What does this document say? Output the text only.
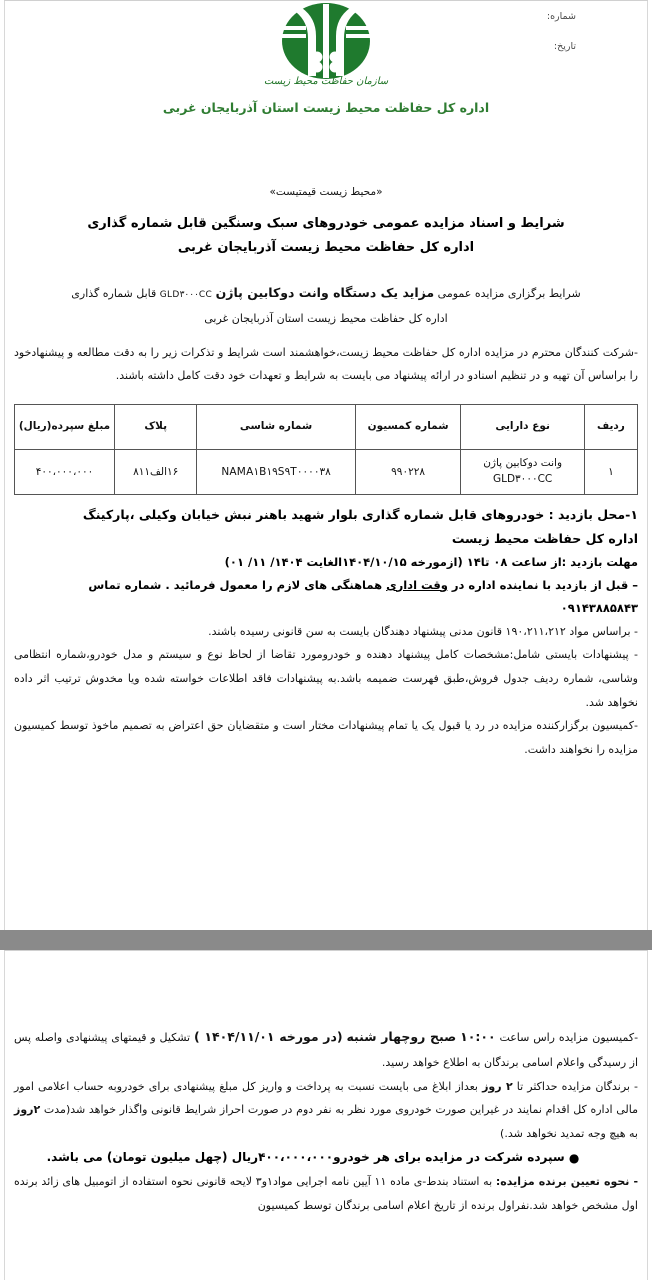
شماره:
تاریخ:
سازمان حفاظت محیط زیست
اداره کل حفاظت محیط زیست استان آذربایجان غربی
«محیط زیست قیمتیست»
شرایط و اسناد مزایده عمومی خودروهای سبک وسنگین قابل شماره گذاری
اداره کل حفاظت محیط زیست آذربایجان غربی

شرایط برگزاری مزایده عمومی مزاید یک دستگاه وانت دوکابین پاژن GLD۳۰۰۰CC قابل شماره گذاری

اداره کل حفاظت محیط زیست استان آذربایجان غربی

-شرکت کنندگان محترم در مزایده اداره کل حفاظت محیط زیست،خواهشمند است شرایط و تذکرات زیر را به دقت مطالعه و پیشنهادخود را براساس آن تهیه و در تنظیم اسنادو در ارائه پیشنهاد می بایست به شرایط و تعهدات خود دقت کامل داشته باشند.

ردیف	نوع دارایی	شماره کمسیون	شماره شاسی	پلاک	مبلغ سپرده(ریال)
۱	وانت دوکابین پاژن
GLD۳۰۰۰CC	۹۹۰۲۲۸	NAMA۱B۱۹S۹T۰۰۰۰۳۸	۱۶الف۸۱۱	۴۰۰،۰۰۰،۰۰۰
۱-محل بازدید : خودروهای قابل شماره گذاری بلوار شهید باهنر نبش خیابان وکیلی ،پارکینگ
اداره کل حفاظت محیط زیست
مهلت بازدید :از ساعت ۰۸ تا۱۴ (ازمورخه ۱۴۰۴/۱۰/۱۵الغایت ۱۴۰۴/ ۱۱/ ۰۱)
– قبل از بازدید با نماینده اداره در وقت اداری هماهنگی های لازم را معمول فرمائید . شماره تماس ۰۹۱۴۳۸۸۵۸۴۳

- براساس مواد ۱۹۰،۲۱۱،۲۱۲ قانون مدنی پیشنهاد دهندگان بایست به سن قانونی رسیده باشند.

- پیشنهادات بایستی شامل:مشخصات کامل پیشنهاد دهنده و خودرومورد تقاضا از لحاظ نوع و سیستم و مدل خودرو،شماره انتظامی وشاسی، شماره ردیف جدول فروش،طبق فهرست ضمیمه باشد.به پیشنهادات فاقد اطلاعات خواسته شده ویا مخدوش ترتیب اثر داده نخواهد شد.

-کمیسیون برگزارکننده مزایده در رد یا قبول یک یا تمام پیشنهادات مختار است و متقضایان حق اعتراض به تصمیم ماخوذ توسط کمیسیون مزایده را نخواهند داشت.

-کمیسیون مزایده راس ساعت ۱۰:۰۰ صبح روچهار شنبه (در مورخه ۱۴۰۴/۱۱/۰۱ ) تشکیل و قیمتهای پیشنهادی واصله پس از رسیدگی واعلام اسامی برندگان به اطلاع خواهد رسید.

- برندگان مزایده حداکثر تا ۲ روز بعداز ابلاغ می بایست نسبت به پرداخت و واریز کل مبلغ پیشنهادی برای خودروبه حساب اعلامی امور مالی اداره کل اقدام نمایند در غیراین صورت خودروی مورد نظر به نفر دوم در صورت احراز شرایط قانونی واگذار خواهد شد(مدت ۲روز به هیچ وجه تمدید نخواهد شد.)

● سپرده شرکت در مزایده برای هر خودرو۴۰۰،۰۰۰،۰۰۰ریال (چهل میلیون تومان) می باشد.

- نحوه تعیین برنده مزایده: به استناد بندط-ی ماده ۱۱ آیین نامه اجرایی مواد۱و۳ لایحه قانونی نحوه استفاده از اتومبیل های زائد برنده اول مشخص خواهد شد.نفراول برنده از تاریخ اعلام اسامی برندگان توسط کمیسیون
